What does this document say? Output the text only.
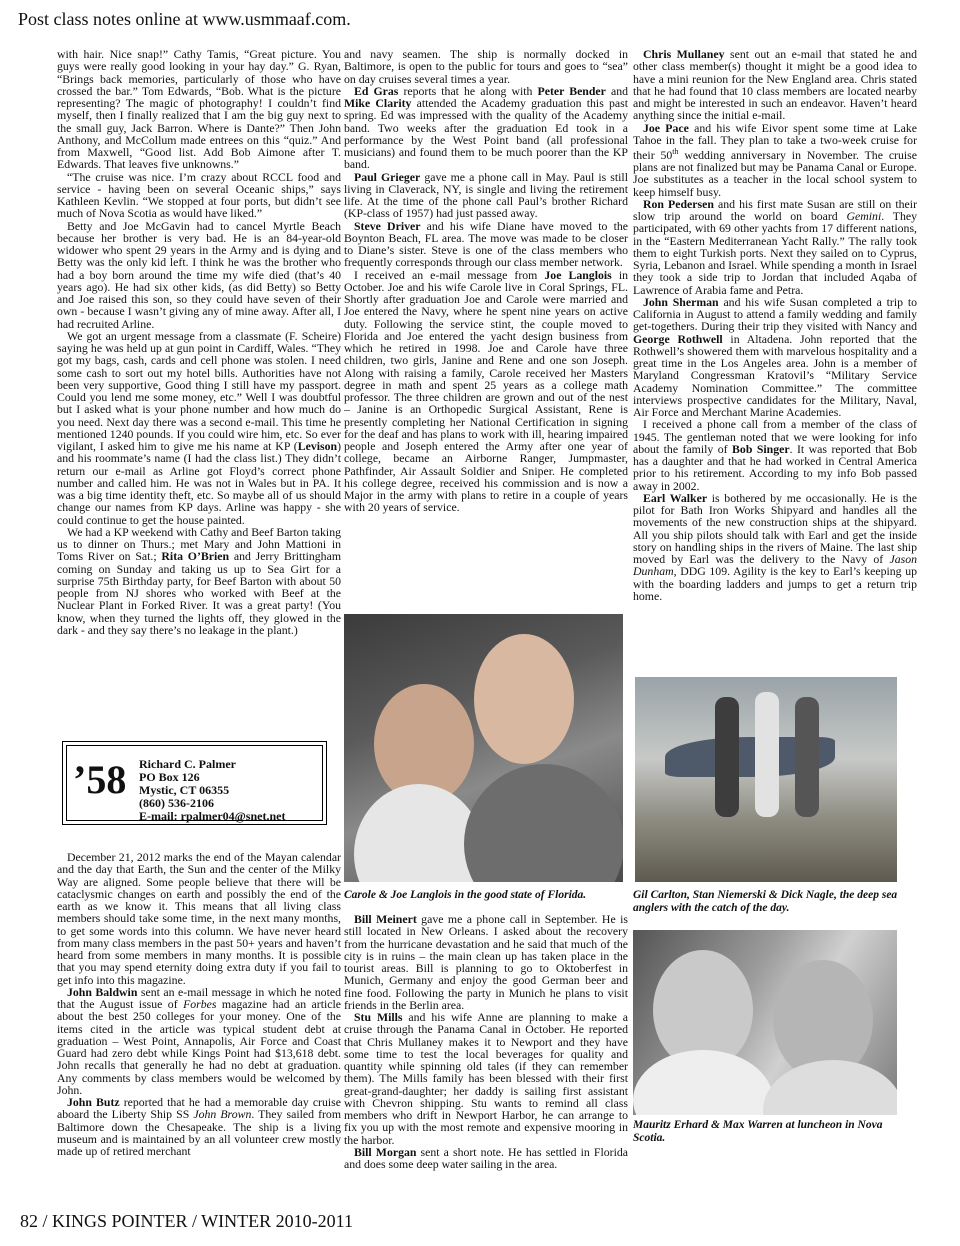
Post class notes online at www.usmmaaf.com.

with hair. Nice snap!” Cathy Tamis, “Great picture. You guys were really good looking in your hay day.” G. Ryan, “Brings back memories, particularly of those who have crossed the bar.” Tom Edwards, “Bob. What is the picture representing? The magic of photography! I couldn’t find myself, then I finally realized that I am the big guy next to the small guy, Jack Barron. Where is Dante?” Then John Anthony, and McCollum made entrees on this “quiz.” And from Maxwell, “Good list. Add Bob Aimone after T. Edwards. That leaves five unknowns.”

“The cruise was nice. I’m crazy about RCCL food and service - having been on several Oceanic ships,” says Kathleen Kevlin. “We stopped at four ports, but didn’t see much of Nova Scotia as would have liked.”

Betty and Joe McGavin had to cancel Myrtle Beach because her brother is very bad. He is an 84-year-old widower who spent 29 years in the Army and is dying and Betty was the only kid left. I think he was the brother who had a boy born around the time my wife died (that’s 40 years ago). He had six other kids, (as did Betty) so Betty and Joe raised this son, so they could have seven of their own - because I wasn’t giving any of mine away. After all, I had recruited Arline.

We got an urgent message from a classmate (F. Scheire) saying he was held up at gun point in Cardiff, Wales. “They got my bags, cash, cards and cell phone was stolen. I need some cash to sort out my hotel bills. Authorities have not been very supportive, Good thing I still have my passport. Could you lend me some money, etc.” Well I was doubtful but I asked what is your phone number and how much do you need. Next day there was a second e-mail. This time he mentioned 1240 pounds. If you could wire him, etc. So ever vigilant, I asked him to give me his name at KP (Levison) and his roommate’s name (I had the class list.) They didn’t return our e-mail as Arline got Floyd’s correct phone number and called him. He was not in Wales but in PA. It was a big time identity theft, etc. So maybe all of us should change our names from KP days. Arline was happy - she could continue to get the house painted.

We had a KP weekend with Cathy and Beef Barton taking us to dinner on Thurs.; met Mary and John Mattioni in Toms River on Sat.; Rita O’Brien and Jerry Brittingham coming on Sunday and taking us up to Sea Girt for a surprise 75th Birthday party, for Beef Barton with about 50 people from NJ shores who worked with Beef at the Nuclear Plant in Forked River. It was a great party! (You know, when they turned the lights off, they glowed in the dark - and they say there’s no leakage in the plant.)

’58 Richard C. Palmer
PO Box 126
Mystic, CT 06355
(860) 536-2106
E-mail: rpalmer04@snet.net

December 21, 2012 marks the end of the Mayan calendar and the day that Earth, the Sun and the center of the Milky Way are aligned. Some people believe that there will be cataclysmic changes on earth and possibly the end of the earth as we know it. This means that all living class members should take some time, in the next many months, to get some words into this column. We have never heard from many class members in the past 50+ years and haven’t heard from some members in many months. It is possible that you may spend eternity doing extra duty if you fail to get info into this magazine.

John Baldwin sent an e-mail message in which he noted that the August issue of Forbes magazine had an article about the best 250 colleges for your money. One of the items cited in the article was typical student debt at graduation – West Point, Annapolis, Air Force and Coast Guard had zero debt while Kings Point had $13,618 debt. John recalls that generally he had no debt at graduation. Any comments by class members would be welcomed by John.

John Butz reported that he had a memorable day cruise aboard the Liberty Ship SS John Brown. They sailed from Baltimore down the Chesapeake. The ship is a living museum and is maintained by an all volunteer crew mostly made up of retired merchant

and navy seamen. The ship is normally docked in Baltimore, is open to the public for tours and goes to “sea” on day cruises several times a year.

Ed Gras reports that he along with Peter Bender and Mike Clarity attended the Academy graduation this past spring. Ed was impressed with the quality of the Academy band. Two weeks after the graduation Ed took in a performance by the West Point band (all professional musicians) and found them to be much poorer than the KP band.

Paul Grieger gave me a phone call in May. Paul is still living in Claverack, NY, is single and living the retirement life. At the time of the phone call Paul’s brother Richard (KP-class of 1957) had just passed away.

Steve Driver and his wife Diane have moved to the Boynton Beach, FL area. The move was made to be closer to Diane’s sister. Steve is one of the class members who frequently corresponds through our class member network.

I received an e-mail message from Joe Langlois in October. Joe and his wife Carole live in Coral Springs, FL. Shortly after graduation Joe and Carole were married and Joe entered the Navy, where he spent nine years on active duty. Following the service stint, the couple moved to Florida and Joe entered the yacht design business from which he retired in 1998. Joe and Carole have three children, two girls, Janine and Rene and one son Joseph. Along with raising a family, Carole received her Masters degree in math and spent 25 years as a college math professor. The three children are grown and out of the nest – Janine is an Orthopedic Surgical Assistant, Rene is presently completing her National Certification in signing for the deaf and has plans to work with ill, hearing impaired people and Joseph entered the Army after one year of college, became an Airborne Ranger, Jumpmaster, Pathfinder, Air Assault Soldier and Sniper. He completed his college degree, received his commission and is now a Major in the army with plans to retire in a couple of years with 20 years of service.

Carole & Joe Langlois in the good state of Florida.

Bill Meinert gave me a phone call in September. He is still located in New Orleans. I asked about the recovery from the hurricane devastation and he said that much of the city is in ruins – the main clean up has taken place in the tourist areas. Bill is planning to go to Oktoberfest in Munich, Germany and enjoy the good German beer and fine food. Following the party in Munich he plans to visit friends in the Berlin area.

Stu Mills and his wife Anne are planning to make a cruise through the Panama Canal in October. He reported that Chris Mullaney makes it to Newport and they have some time to test the local beverages for quality and quantity while spinning old tales (if they can remember them). The Mills family has been blessed with their first great-grand-daughter; her daddy is sailing first assistant with Chevron shipping. Stu wants to remind all class members who drift in Newport Harbor, he can arrange to fix you up with the most remote and expensive mooring in the harbor.

Bill Morgan sent a short note. He has settled in Florida and does some deep water sailing in the area.

Chris Mullaney sent out an e-mail that stated he and other class member(s) thought it might be a good idea to have a mini reunion for the New England area. Chris stated that he had found that 10 class members are located nearby and might be interested in such an endeavor. Haven’t heard anything since the initial e-mail.

Joe Pace and his wife Eivor spent some time at Lake Tahoe in the fall. They plan to take a two-week cruise for their 50th wedding anniversary in November. The cruise plans are not finalized but may be Panama Canal or Europe. Joe substitutes as a teacher in the local school system to keep himself busy.

Ron Pedersen and his first mate Susan are still on their slow trip around the world on board Gemini. They participated, with 69 other yachts from 17 different nations, in the “Eastern Mediterranean Yacht Rally.” The rally took them to eight Turkish ports. Next they sailed on to Cyprus, Syria, Lebanon and Israel. While spending a month in Israel they took a side trip to Jordan that included Aqaba of Lawrence of Arabia fame and Petra.

John Sherman and his wife Susan completed a trip to California in August to attend a family wedding and family get-togethers. During their trip they visited with Nancy and George Rothwell in Altadena. John reported that the Rothwell’s showered them with marvelous hospitality and a great time in the Los Angeles area. John is a member of Maryland Congressman Kratovil’s “Military Service Academy Nomination Committee.” The committee interviews prospective candidates for the Military, Naval, Air Force and Merchant Marine Academies.

I received a phone call from a member of the class of 1945. The gentleman noted that we were looking for info about the family of Bob Singer. It was reported that Bob has a daughter and that he had worked in Central America prior to his retirement. According to my info Bob passed away in 2002.

Earl Walker is bothered by me occasionally. He is the pilot for Bath Iron Works Shipyard and handles all the movements of the new construction ships at the shipyard. All you ship pilots should talk with Earl and get the inside story on handling ships in the rivers of Maine. The last ship moved by Earl was the delivery to the Navy of Jason Dunham, DDG 109. Agility is the key to Earl’s keeping up with the boarding ladders and jumps to get a return trip home.

Gil Carlton, Stan Niemerski & Dick Nagle, the deep sea anglers with the catch of the day.
Mauritz Erhard & Max Warren at luncheon in Nova Scotia.
82 / KINGS POINTER / WINTER 2010-2011
